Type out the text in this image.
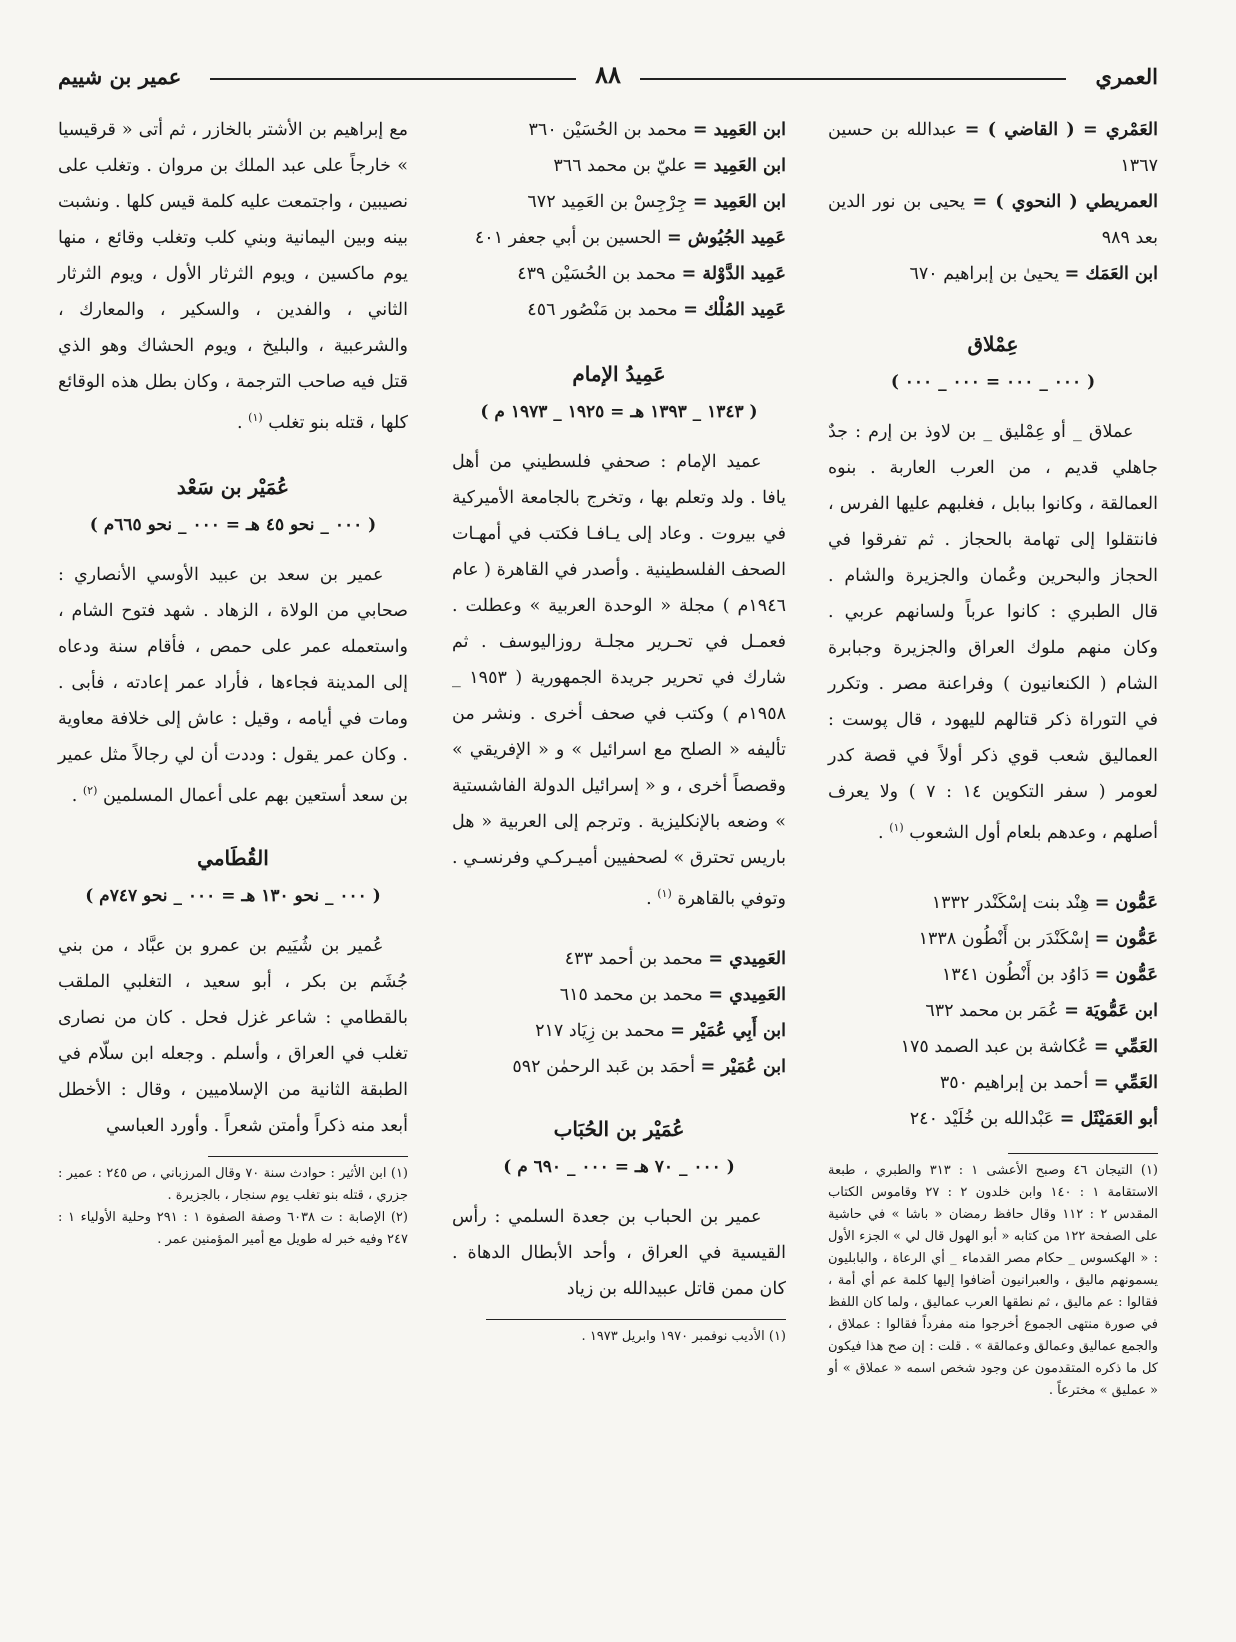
العمري
٨٨
عمير بن شييم

العَمْري = ( القاضي ) = عبدالله بن حسين ١٣٦٧

العمريطي ( النحوي ) = يحيى بن نور الدين بعد ٩٨٩

ابن العَمَك = يحيىٰ بن إبراهيم ٦٧٠

عِمْلاق
( ٠٠٠ _ ٠٠٠ = ٠٠٠ _ ٠٠٠ )

عملاق _ أو عِمْليق _ بن لاوذ بن إرم : جدٌ جاهلي قديم ، من العرب العاربة . بنوه العمالقة ، وكانوا ببابل ، فغلبهم عليها الفرس ، فانتقلوا إلى تهامة بالحجاز . ثم تفرقوا في الحجاز والبحرين وعُمان والجزيرة والشام . قال الطبري : كانوا عرباً ولسانهم عربي . وكان منهم ملوك العراق والجزيرة وجبابرة الشام ( الكنعانيون ) وفراعنة مصر . وتكرر في التوراة ذكر قتالهم لليهود ، قال پوست : العماليق شعب قوي ذكر أولاً في قصة كدر لعومر ( سفر التكوين ١٤ : ٧ ) ولا يعرف أصلهم ، وعدهم بلعام أول الشعوب $^{(١)}$ .

عَمُّون = هِنْد بنت إسْكَنْدر ١٣٣٢

عَمُّون = إسْكَنْدَر بن أَنْطُون ١٣٣٨

عَمُّون = دَاوُد بن أَنْطُون ١٣٤١

ابن عَمُّويَة = عُمَر بن محمد ٦٣٢

العَمِّي = عُكاشة بن عبد الصمد ١٧٥

العَمِّي = أحمد بن إبراهيم ٣٥٠

أبو العَمَيْثَل = عَبْدالله بن خُلَيْد ٢٤٠

(١) التيجان ٤٦ وصبح الأعشى ١ : ٣١٣ والطبري ، طبعة الاستقامة ١ : ١٤٠ وابن خلدون ٢ : ٢٧ وقاموس الكتاب المقدس ٢ : ١١٢ وقال حافظ رمضان « باشا » في حاشية على الصفحة ١٢٢ من كتابه « أبو الهول قال لي » الجزء الأول : « الهكسوس _ حكام مصر القدماء _ أي الرعاة ، والبابليون يسمونهم ماليق ، والعبرانيون أضافوا إليها كلمة عم أي أمة ، فقالوا : عم ماليق ، ثم نطقها العرب عماليق ، ولما كان اللفظ في صورة منتهى الجموع أخرجوا منه مفرداً فقالوا : عملاق ، والجمع عماليق وعمالق وعمالقة » . قلت : إن صح هذا فيكون كل ما ذكره المتقدمون عن وجود شخص اسمه « عملاق » أو « عمليق » مخترعاً .

ابن العَمِيد = محمد بن الحُسَيْن ٣٦٠

ابن العَمِيد = عليّ بن محمد ٣٦٦

ابن العَمِيد = جِرْجِسْ بن العَمِيد ٦٧٢

عَمِيد الجُيُوش = الحسين بن أبي جعفر ٤٠١

عَمِيد الدَّوْلة = محمد بن الحُسَيْن ٤٣٩

عَمِيد المُلْك = محمد بن مَنْصُور ٤٥٦

عَمِيدُ الإمام
( ١٣٤٣ _ ١٣٩٣ هـ = ١٩٢٥ _ ١٩٧٣ م )

عميد الإمام : صحفي فلسطيني من أهل يافا . ولد وتعلم بها ، وتخرج بالجامعة الأميركية في بيروت . وعاد إلى يـافـا فكتب في أمهـات الصحف الفلسطينية . وأصدر في القاهرة ( عام ١٩٤٦م ) مجلة « الوحدة العربية » وعطلت . فعمـل في تحـرير مجلـة روزاليوسف . ثم شارك في تحرير جريدة الجمهورية ( ١٩٥٣ _ ١٩٥٨م ) وكتب في صحف أخرى . ونشر من تأليفه « الصلح مع اسرائيل » و « الإفريقي » وقصصاً أخرى ، و « إسرائيل الدولة الفاشستية » وضعه بالإنكليزية . وترجم إلى العربية « هل باريس تحترق » لصحفيين أميـركـي وفرنسـي . وتوفي بالقاهرة $^{(١)}$ .

العَمِيدي = محمد بن أحمد ٤٣٣

العَمِيدي = محمد بن محمد ٦١٥

ابن أَبِي عُمَيْر = محمد بن زِيَاد ٢١٧

ابن عُمَيْر = أحمَد بن عَبد الرحمٰن ٥٩٢

عُمَيْر بن الحُبَاب
( ٠٠٠ _ ٧٠ هـ = ٠٠٠ _ ٦٩٠ م )

عمير بن الحباب بن جعدة السلمي : رأس القيسية في العراق ، وأحد الأبطال الدهاة . كان ممن قاتل عبيدالله بن زياد

(١) الأديب نوفمبر ١٩٧٠ وابريل ١٩٧٣ .

مع إبراهيم بن الأشتر بالخازر ، ثم أتى « قرقيسيا » خارجاً على عبد الملك بن مروان . وتغلب على نصيبين ، واجتمعت عليه كلمة قيس كلها . ونشبت بينه وبين اليمانية وبني كلب وتغلب وقائع ، منها يوم ماكسين ، ويوم الثرثار الأول ، ويوم الثرثار الثاني ، والفدين ، والسكير ، والمعارك ، والشرعبية ، والبليخ ، ويوم الحشاك وهو الذي قتل فيه صاحب الترجمة ، وكان بطل هذه الوقائع كلها ، قتله بنو تغلب $^{(١)}$ .

عُمَيْر بن سَعْد
( ٠٠٠ _ نحو ٤٥ هـ = ٠٠٠ _ نحو ٦٦٥م )

عمير بن سعد بن عبيد الأوسي الأنصاري : صحابي من الولاة ، الزهاد . شهد فتوح الشام ، واستعمله عمر على حمص ، فأقام سنة ودعاه إلى المدينة فجاءها ، فأراد عمر إعادته ، فأبى . ومات في أيامه ، وقيل : عاش إلى خلافة معاوية . وكان عمر يقول : وددت أن لي رجالاً مثل عمير بن سعد أستعين بهم على أعمال المسلمين $^{(٢)}$ .

القُطَامي
( ٠٠٠ _ نحو ١٣٠ هـ = ٠٠٠ _ نحو ٧٤٧م )

عُمير بن شُيَيم بن عمرو بن عبَّاد ، من بني جُشَم بن بكر ، أبو سعيد ، التغلبي الملقب بالقطامي : شاعر غزل فحل . كان من نصارى تغلب في العراق ، وأسلم . وجعله ابن سلّام في الطبقة الثانية من الإسلاميين ، وقال : الأخطل أبعد منه ذكراً وأمتن شعراً . وأورد العباسي

(١) ابن الأثير : حوادث سنة ٧٠ وقال المرزباني ، ص ٢٤٥ : عمير : جزري ، قتله بنو تغلب يوم سنجار ، بالجزيرة .

(٢) الإصابة : ت ٦٠٣٨ وصفة الصفوة ١ : ٢٩١ وحلية الأولياء ١ : ٢٤٧ وفيه خبر له طويل مع أمير المؤمنين عمر .
